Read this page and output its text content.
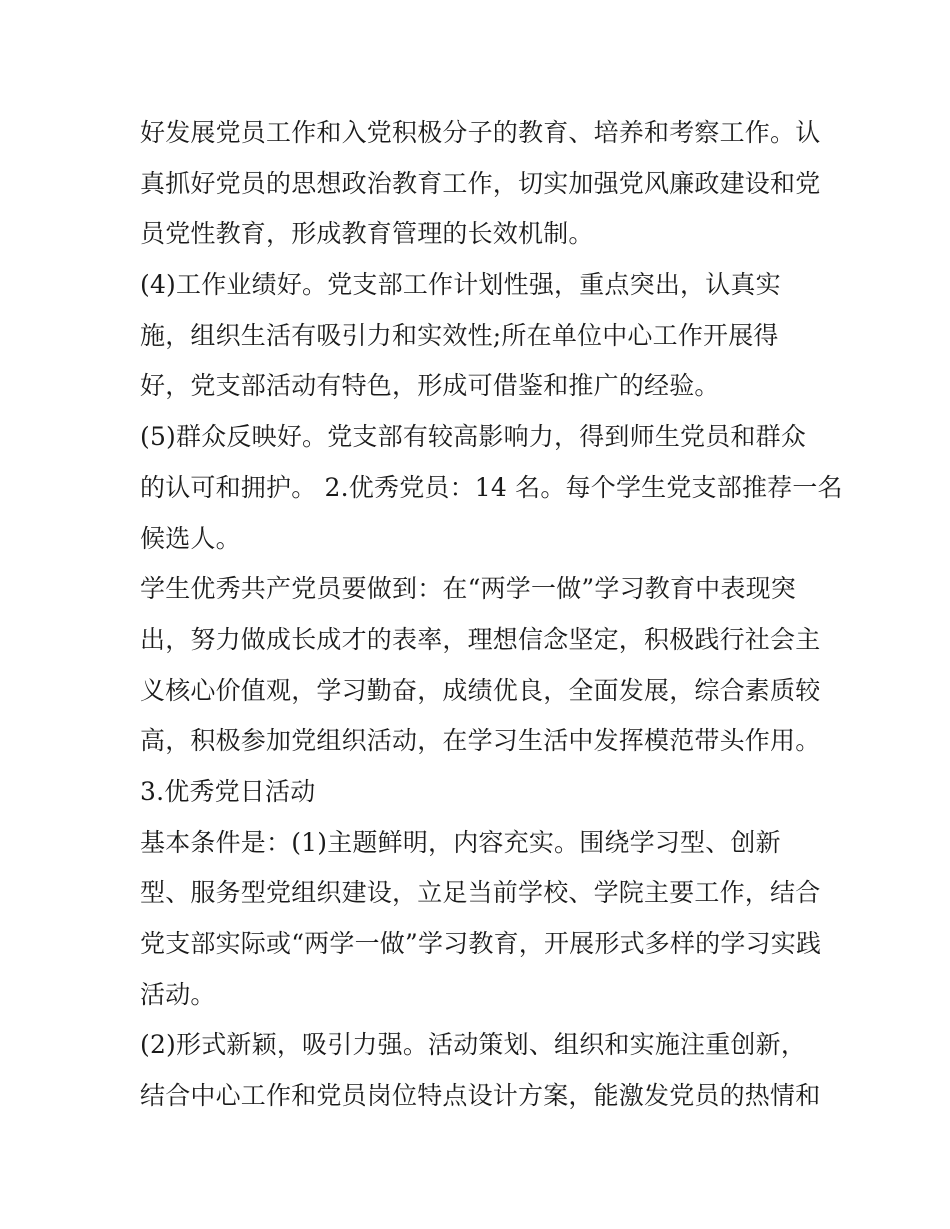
好发展党员工作和入党积极分子的教育、培养和考察工作。认
真抓好党员的思想政治教育工作，切实加强党风廉政建设和党
员党性教育，形成教育管理的长效机制。
(4)工作业绩好。党支部工作计划性强，重点突出，认真实
施，组织生活有吸引力和实效性;所在单位中心工作开展得
好，党支部活动有特色，形成可借鉴和推广的经验。
(5)群众反映好。党支部有较高影响力，得到师生党员和群众
的认可和拥护。 2.优秀党员：14 名。每个学生党支部推荐一名
候选人。
学生优秀共产党员要做到：在“两学一做”学习教育中表现突
出，努力做成长成才的表率，理想信念坚定，积极践行社会主
义核心价值观，学习勤奋，成绩优良，全面发展，综合素质较
高，积极参加党组织活动，在学习生活中发挥模范带头作用。
3.优秀党日活动
基本条件是：(1)主题鲜明，内容充实。围绕学习型、创新
型、服务型党组织建设，立足当前学校、学院主要工作，结合
党支部实际或“两学一做”学习教育，开展形式多样的学习实践
活动。
(2)形式新颖，吸引力强。活动策划、组织和实施注重创新，
结合中心工作和党员岗位特点设计方案，能激发党员的热情和
